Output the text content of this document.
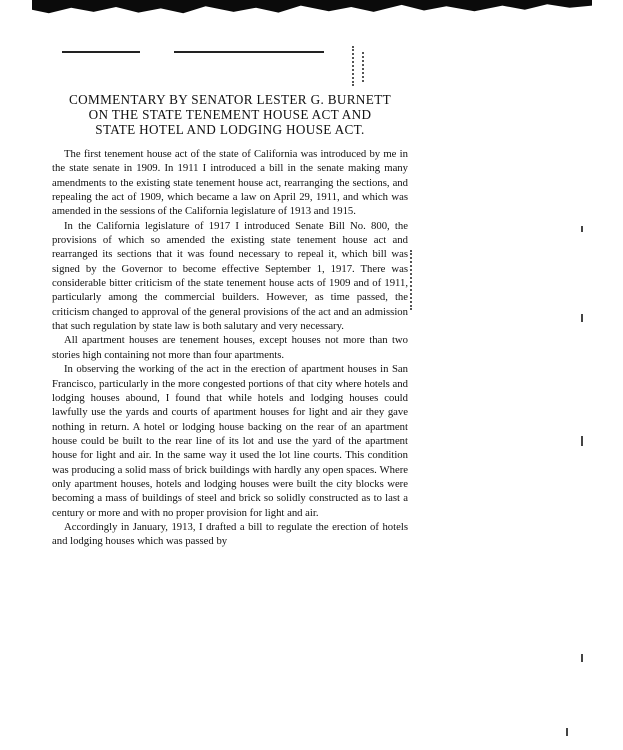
COMMENTARY BY SENATOR LESTER G. BURNETT
ON THE STATE TENEMENT HOUSE ACT AND
STATE HOTEL AND LODGING HOUSE ACT.

The first tenement house act of the state of California was introduced by me in the state senate in 1909. In 1911 I introduced a bill in the senate making many amendments to the existing state tenement house act, rearranging the sections, and repealing the act of 1909, which became a law on April 29, 1911, and which was amended in the sessions of the California legislature of 1913 and 1915.

In the California legislature of 1917 I introduced Senate Bill No. 800, the provisions of which so amended the existing state tenement house act and rearranged its sections that it was found necessary to repeal it, which bill was signed by the Governor to become effective September 1, 1917. There was considerable bitter criticism of the state tenement house acts of 1909 and of 1911, particularly among the commercial builders. However, as time passed, the criticism changed to approval of the general provisions of the act and an admission that such regulation by state law is both salutary and very necessary.

All apartment houses are tenement houses, except houses not more than two stories high containing not more than four apartments.

In observing the working of the act in the erection of apartment houses in San Francisco, particularly in the more congested portions of that city where hotels and lodging houses abound, I found that while hotels and lodging houses could lawfully use the yards and courts of apartment houses for light and air they gave nothing in return. A hotel or lodging house backing on the rear of an apartment house could be built to the rear line of its lot and use the yard of the apartment house for light and air. In the same way it used the lot line courts. This condition was producing a solid mass of brick buildings with hardly any open spaces. Where only apartment houses, hotels and lodging houses were built the city blocks were becoming a mass of buildings of steel and brick so solidly constructed as to last a century or more and with no proper provision for light and air.

Accordingly in January, 1913, I drafted a bill to regulate the erection of hotels and lodging houses which was passed by
